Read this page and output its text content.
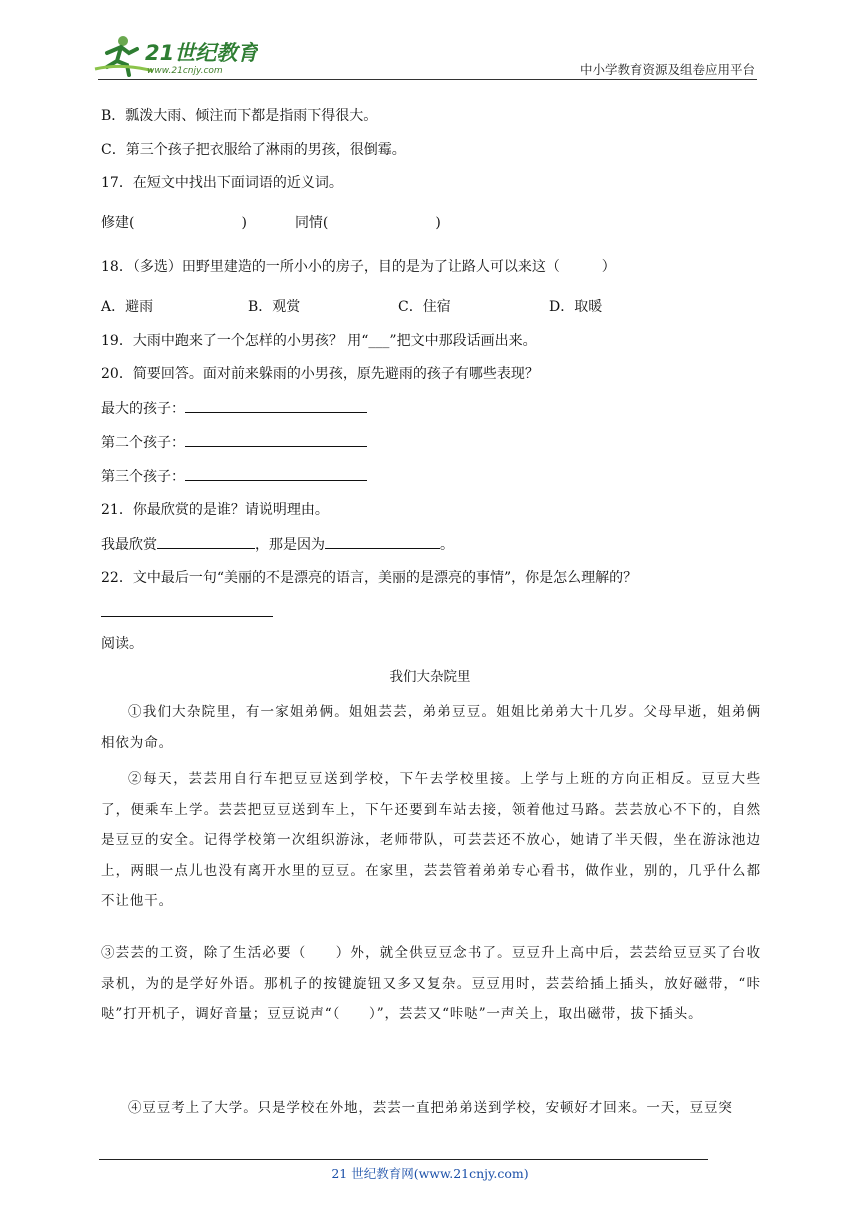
21世纪教育
www.21cnjy.com	中小学教育资源及组卷应用平台
B．瓢泼大雨、倾注而下都是指雨下得很大。
C．第三个孩子把衣服给了淋雨的男孩，很倒霉。
17．在短文中找出下面词语的近义词。
修建(	)	同情(	)
18．（多选）田野里建造的一所小小的房子，目的是为了让路人可以来这（　　　）
A．避雨	B．观赏	C．住宿	D．取暖
19．大雨中跑来了一个怎样的小男孩？ 用“___”把文中那段话画出来。
20．简要回答。面对前来躲雨的小男孩，原先避雨的孩子有哪些表现？
最大的孩子：
第二个孩子：
第三个孩子：
21．你最欣赏的是谁？请说明理由。
我最欣赏	，那是因为	。
22．文中最后一句“美丽的不是漂亮的语言，美丽的是漂亮的事情”，你是怎么理解的？
阅读。
我们大杂院里
①我们大杂院里，有一家姐弟俩。姐姐芸芸，弟弟豆豆。姐姐比弟弟大十几岁。父母早逝，姐弟俩相依为命。
②每天，芸芸用自行车把豆豆送到学校，下午去学校里接。上学与上班的方向正相反。豆豆大些了，便乘车上学。芸芸把豆豆送到车上，下午还要到车站去接，领着他过马路。芸芸放心不下的，自然是豆豆的安全。记得学校第一次组织游泳，老师带队，可芸芸还不放心，她请了半天假，坐在游泳池边上，两眼一点儿也没有离开水里的豆豆。在家里，芸芸管着弟弟专心看书，做作业，别的，几乎什么都不让他干。
③芸芸的工资，除了生活必要（　　）外，就全供豆豆念书了。豆豆升上高中后，芸芸给豆豆买了台收录机，为的是学好外语。那机子的按键旋钮又多又复杂。豆豆用时，芸芸给插上插头，放好磁带，“咔哒”打开机子，调好音量；豆豆说声“（　　）”，芸芸又“咔哒”一声关上，取出磁带，拔下插头。
④豆豆考上了大学。只是学校在外地，芸芸一直把弟弟送到学校，安顿好才回来。一天，豆豆突
21 世纪教育网(www.21cnjy.com)
